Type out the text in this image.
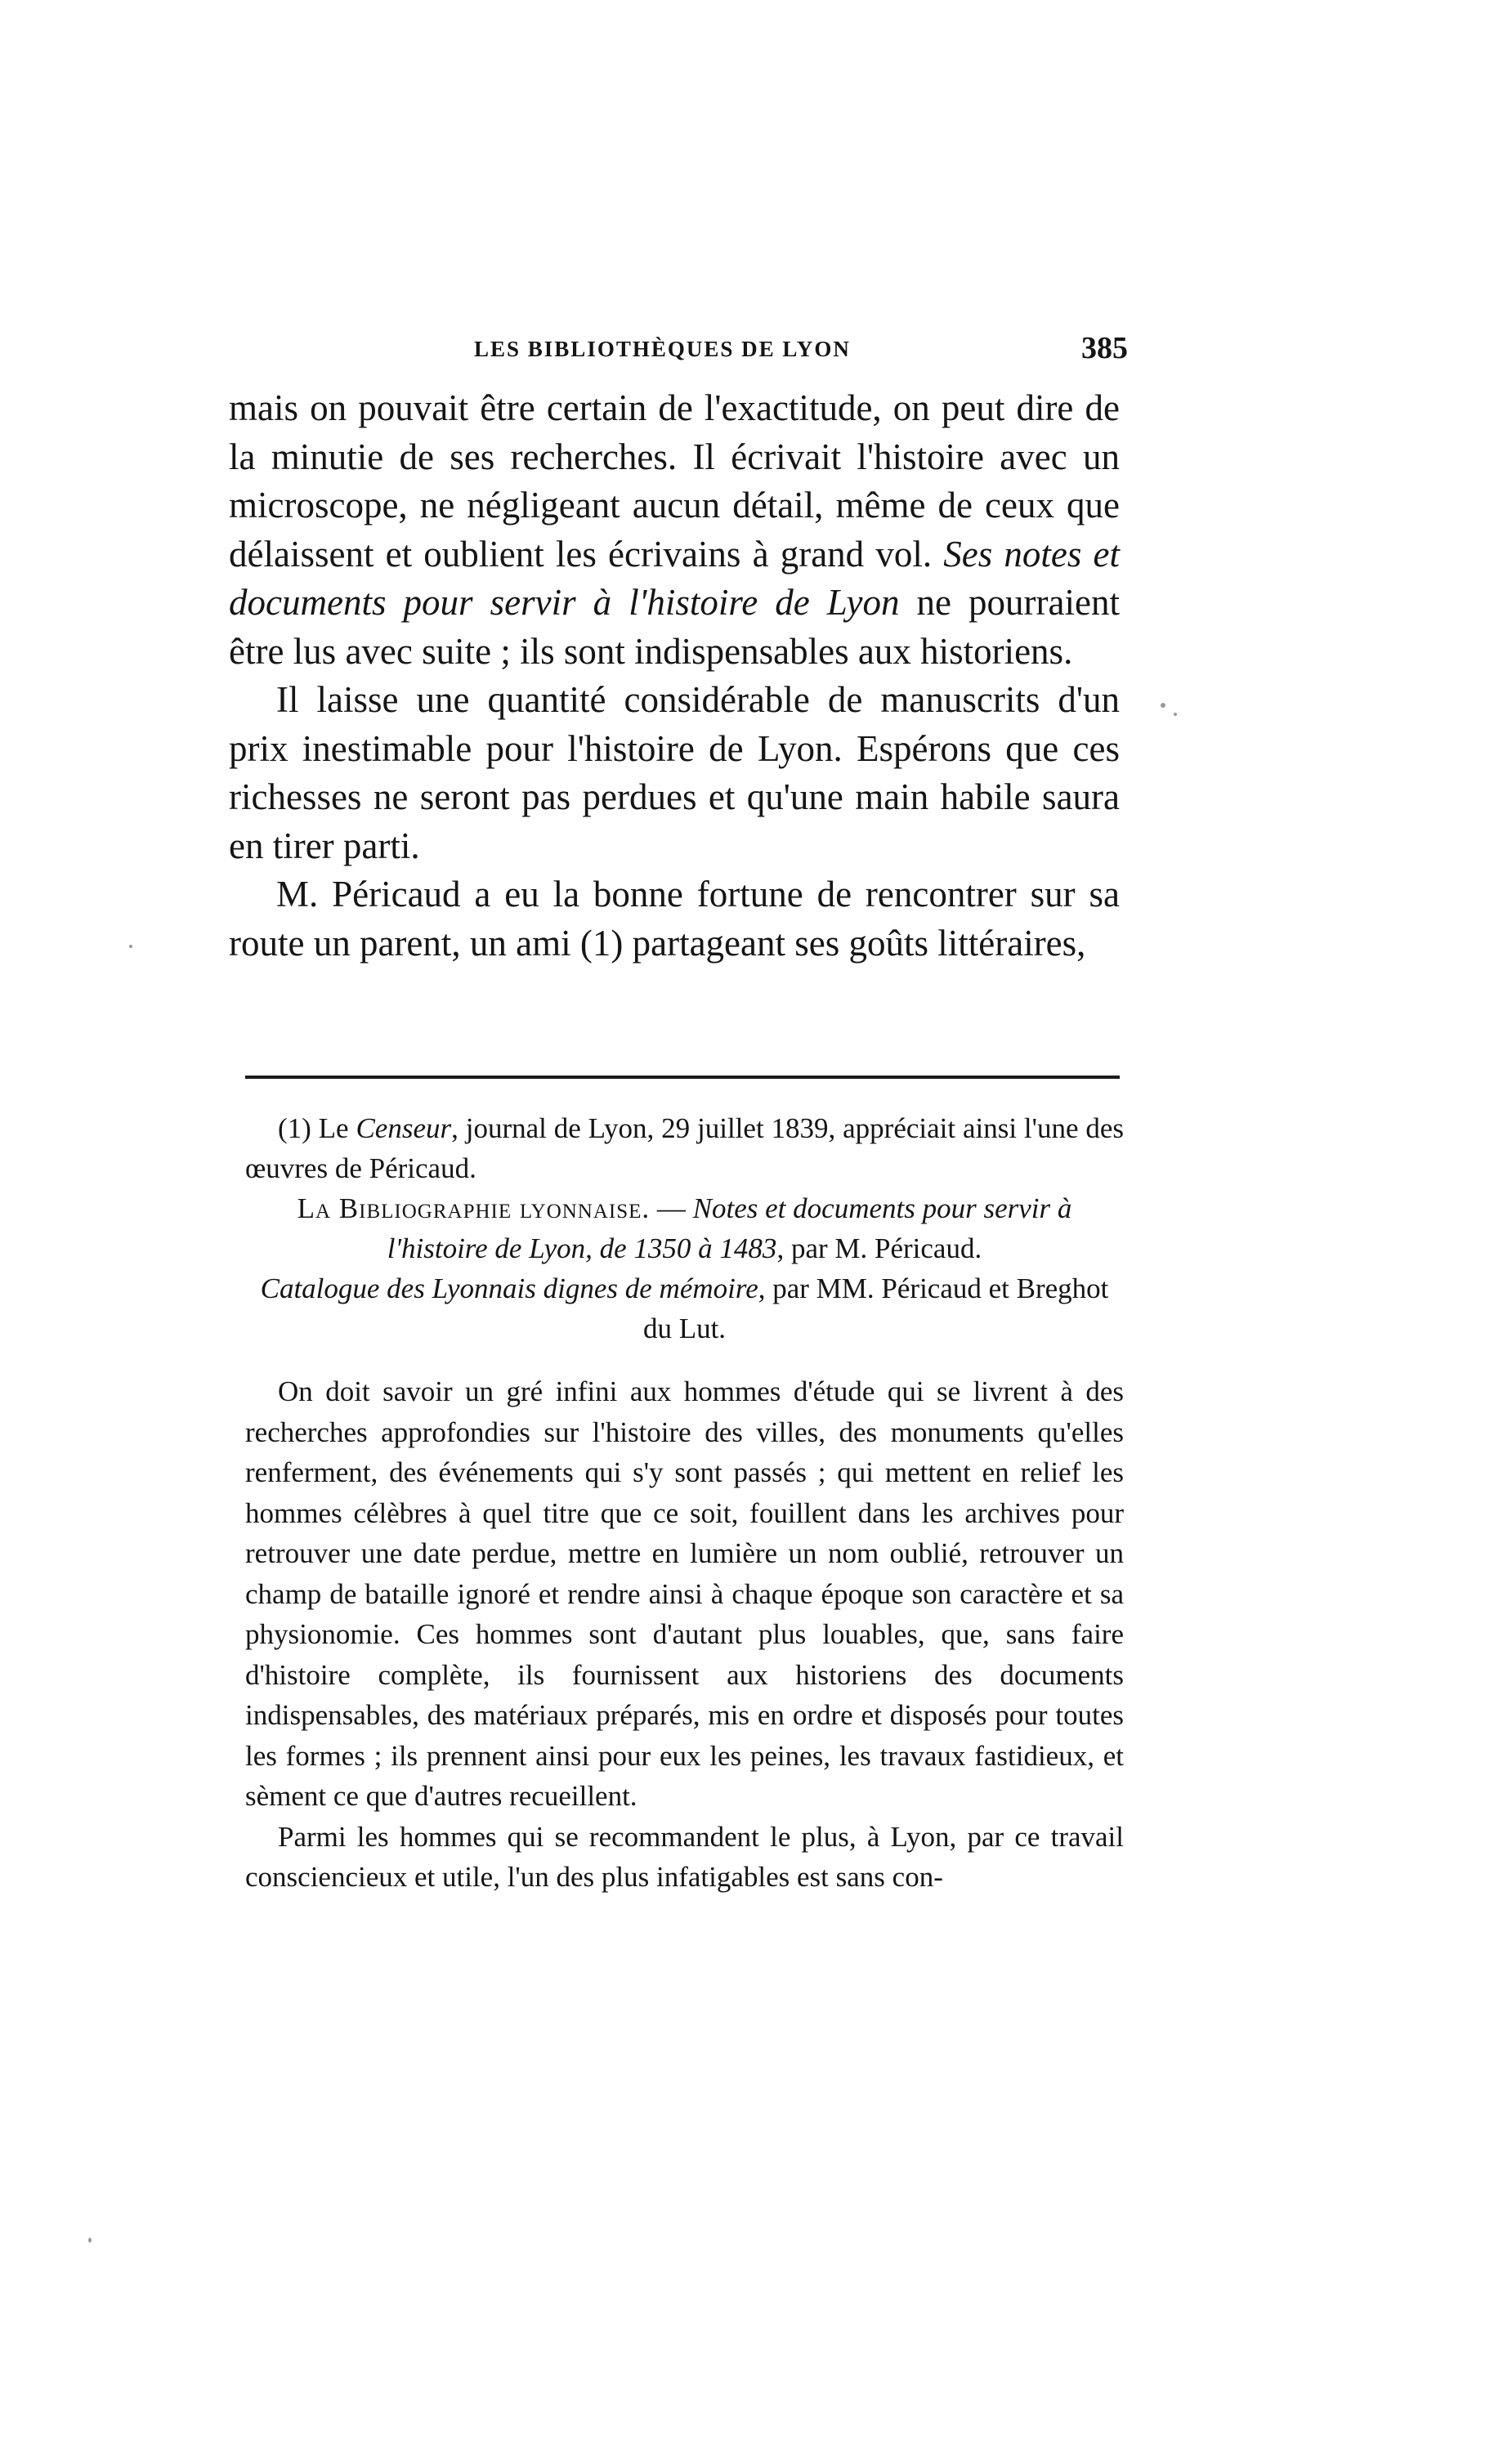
LES BIBLIOTHÈQUES DE LYON	385

mais on pouvait être certain de l'exactitude, on peut dire de la minutie de ses recherches. Il écrivait l'histoire avec un microscope, ne négligeant aucun détail, même de ceux que délaissent et oublient les écrivains à grand vol. Ses notes et documents pour servir à l'histoire de Lyon ne pourraient être lus avec suite ; ils sont indispensables aux historiens.

Il laisse une quantité considérable de manuscrits d'un prix inestimable pour l'histoire de Lyon. Espérons que ces richesses ne seront pas perdues et qu'une main habile saura en tirer parti.

M. Péricaud a eu la bonne fortune de rencontrer sur sa route un parent, un ami (1) partageant ses goûts littéraires,

(1) Le Censeur, journal de Lyon, 29 juillet 1839, appréciait ainsi l'une des œuvres de Péricaud.

La Bibliographie lyonnaise. — Notes et documents pour servir à l'histoire de Lyon, de 1350 à 1483, par M. Péricaud.
Catalogue des Lyonnais dignes de mémoire, par MM. Péricaud et Breghot du Lut.

On doit savoir un gré infini aux hommes d'étude qui se livrent à des recherches approfondies sur l'histoire des villes, des monuments qu'elles renferment, des événements qui s'y sont passés ; qui mettent en relief les hommes célèbres à quel titre que ce soit, fouillent dans les archives pour retrouver une date perdue, mettre en lumière un nom oublié, retrouver un champ de bataille ignoré et rendre ainsi à chaque époque son caractère et sa physionomie. Ces hommes sont d'autant plus louables, que, sans faire d'histoire complète, ils fournissent aux historiens des documents indispensables, des matériaux préparés, mis en ordre et disposés pour toutes les formes ; ils prennent ainsi pour eux les peines, les travaux fastidieux, et sèment ce que d'autres recueillent.

Parmi les hommes qui se recommandent le plus, à Lyon, par ce travail consciencieux et utile, l'un des plus infatigables est sans con-
